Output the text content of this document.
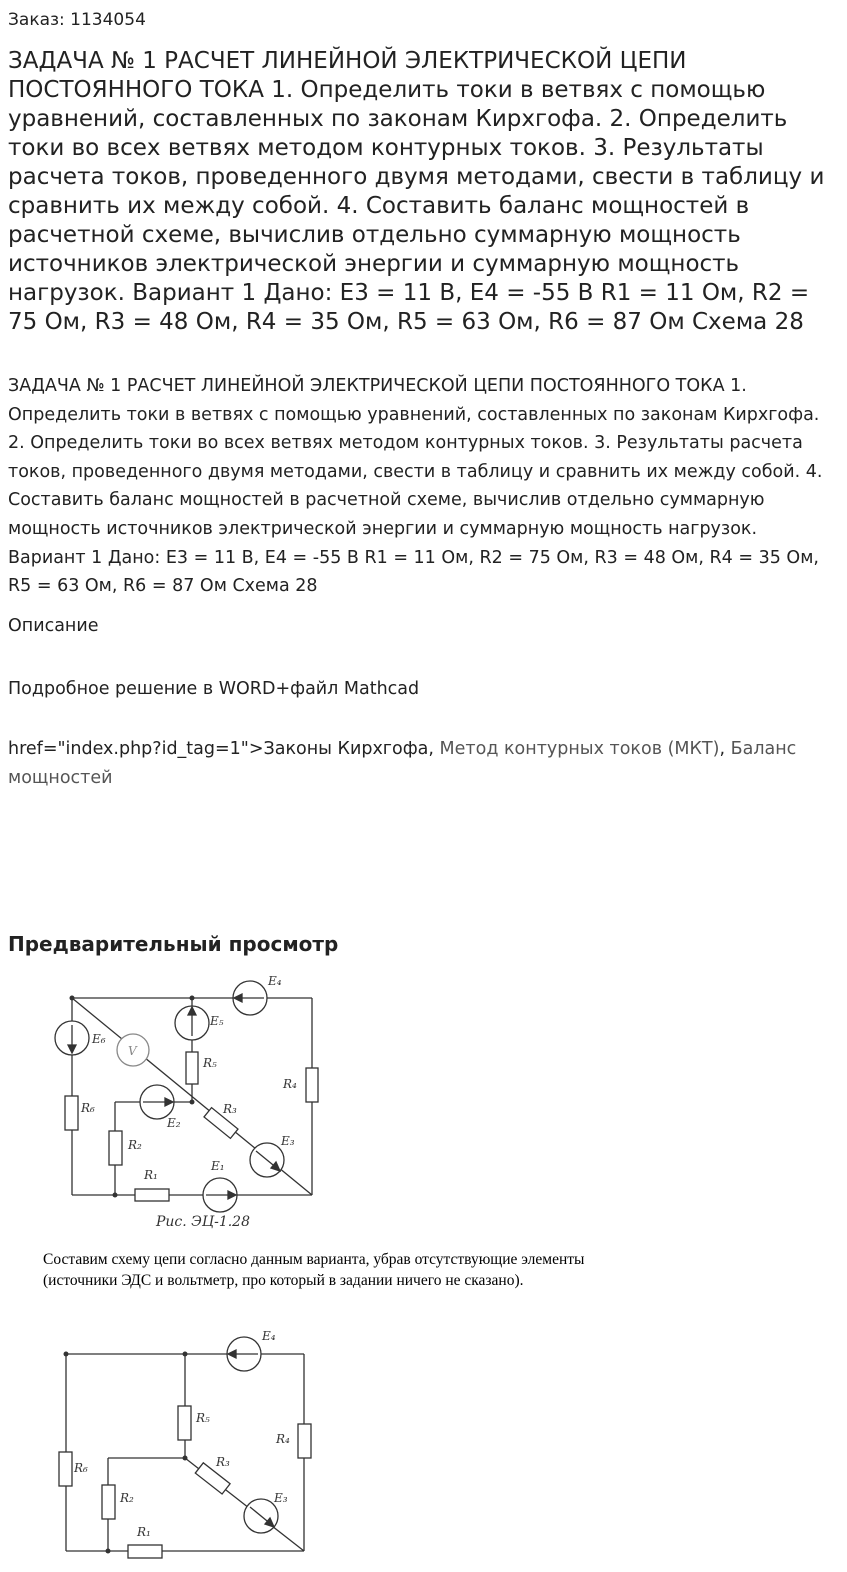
Заказ: 1134054
ЗАДАЧА № 1 РАСЧЕТ ЛИНЕЙНОЙ ЭЛЕКТРИЧЕСКОЙ ЦЕПИ ПОСТОЯННОГО ТОКА 1. Определить токи в ветвях с помощью уравнений, составленных по законам Кирхгофа. 2. Определить токи во всех ветвях методом контурных токов. 3. Результаты расчета токов, проведенного двумя методами, свести в таблицу и сравнить их между собой. 4. Составить баланс мощностей в расчетной схеме, вычислив отдельно суммарную мощность источников электрической энергии и суммарную мощность нагрузок. Вариант 1 Дано: E3 = 11 В, E4 = -55 В R1 = 11 Ом, R2 = 75 Ом, R3 = 48 Ом, R4 = 35 Ом, R5 = 63 Ом, R6 = 87 Ом Схема 28

ЗАДАЧА № 1 РАСЧЕТ ЛИНЕЙНОЙ ЭЛЕКТРИЧЕСКОЙ ЦЕПИ ПОСТОЯННОГО ТОКА 1. Определить токи в ветвях с помощью уравнений, составленных по законам Кирхгофа. 2. Определить токи во всех ветвях методом контурных токов. 3. Результаты расчета токов, проведенного двумя методами, свести в таблицу и сравнить их между собой. 4. Составить баланс мощностей в расчетной схеме, вычислив отдельно суммарную мощность источников электрической энергии и суммарную мощность нагрузок. Вариант 1 Дано: E3 = 11 В, E4 = -55 В R1 = 11 Ом, R2 = 75 Ом, R3 = 48 Ом, R4 = 35 Ом, R5 = 63 Ом, R6 = 87 Ом Схема 28

Описание
Подробное решение в WORD+файл Mathcad
href="index.php?id_tag=1">Законы Кирхгофа, Метод контурных токов (МКТ), Баланс мощностей
Предварительный просмотр
E₄
E₅
E₆
V
R₅
R₄
R₆	R₃
E₂
E₃
R₂
R₁
E₁
Рис. ЭЦ-1.28
Составим схему цепи согласно данным варианта, убрав отсутствующие элементы (источники ЭДС и вольтметр, про который в задании ничего не сказано).
E₄
R₅
R₄
R₆	R₃
E₃
R₂
R₁
